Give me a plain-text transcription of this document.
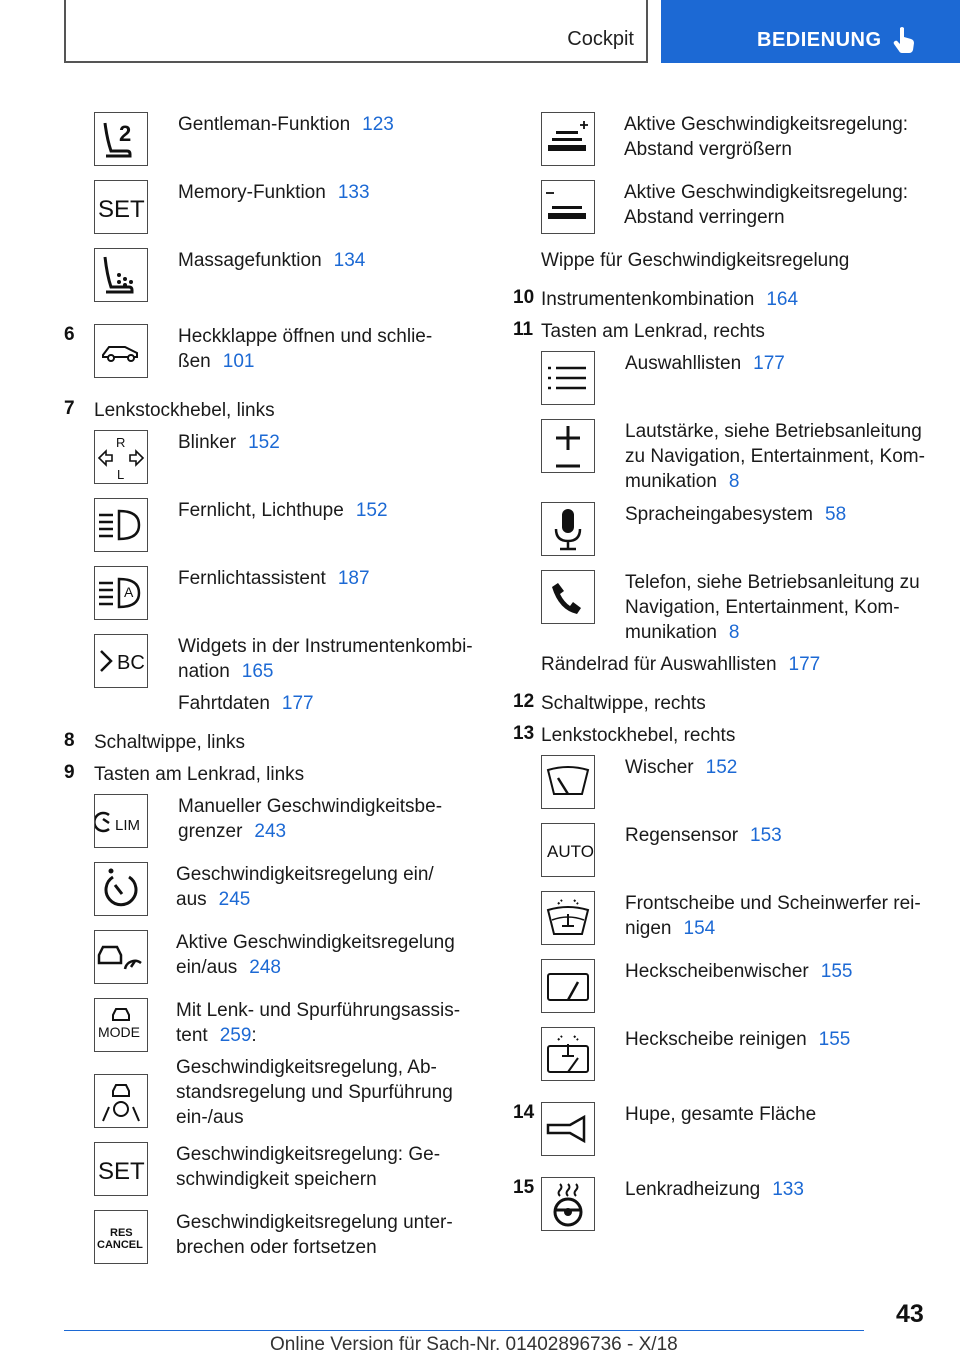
Cockpit	BEDIENUNG
2 Gentleman-Funktion 123
SET
Memory-Funktion 133
Massagefunktion 134
6	Heckklappe öffnen und schlie-
ßen 101
7 Lenkstockhebel, links
R
L
Blinker 152
Fernlicht, Lichthupe 152
A
Fernlichtassistent 187
BC
Widgets in der Instrumentenkombi-
nation 165
Fahrtdaten 177
8 Schaltwippe, links
9 Tasten am Lenkrad, links
LIM
Manueller Geschwindigkeitsbe-
grenzer 243
Geschwindigkeitsregelung ein/
aus 245
Aktive Geschwindigkeitsregelung
ein/aus 248
MODE
Mit Lenk- und Spurführungsassis-
tent 259:
Geschwindigkeitsregelung, Ab-
standsregelung und Spurführung
ein-/aus
SET
Geschwindigkeitsregelung: Ge-
schwindigkeit speichern
RES
CANCEL
Geschwindigkeitsregelung unter-
brechen oder fortsetzen
Aktive Geschwindigkeitsregelung:
Abstand vergrößern
Aktive Geschwindigkeitsregelung:
Abstand verringern
Wippe für Geschwindigkeitsregelung
10 Instrumentenkombination 164
11 Tasten am Lenkrad, rechts
Auswahllisten 177
Lautstärke, siehe Betriebsanleitung
zu Navigation, Entertainment, Kom-
munikation 8
Spracheingabesystem 58
Telefon, siehe Betriebsanleitung zu
Navigation, Entertainment, Kom-
munikation 8
Rändelrad für Auswahllisten 177
12 Schaltwippe, rechts
13 Lenkstockhebel, rechts
Wischer 152
AUTO
Regensensor 153
Frontscheibe und Scheinwerfer rei-
nigen 154
Heckscheibenwischer 155
Heckscheibe reinigen 155
14	Hupe, gesamte Fläche
15	Lenkradheizung 133
43
Online Version für Sach-Nr. 01402896736 - X/18
